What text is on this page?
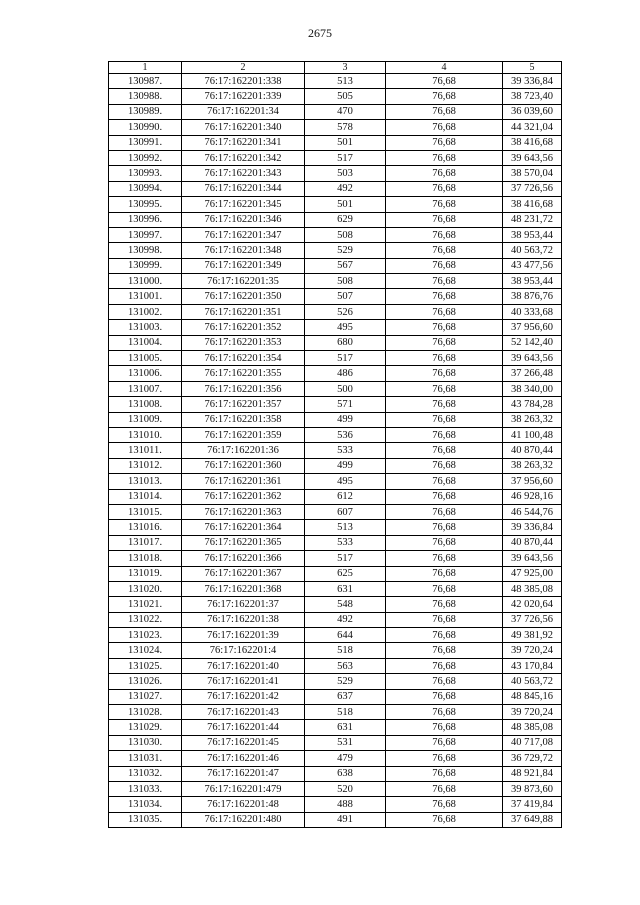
2675
1	2	3	4	5
130987.	76:17:162201:338	513	76,68	39 336,84
130988.	76:17:162201:339	505	76,68	38 723,40
130989.	76:17:162201:34	470	76,68	36 039,60
130990.	76:17:162201:340	578	76,68	44 321,04
130991.	76:17:162201:341	501	76,68	38 416,68
130992.	76:17:162201:342	517	76,68	39 643,56
130993.	76:17:162201:343	503	76,68	38 570,04
130994.	76:17:162201:344	492	76,68	37 726,56
130995.	76:17:162201:345	501	76,68	38 416,68
130996.	76:17:162201:346	629	76,68	48 231,72
130997.	76:17:162201:347	508	76,68	38 953,44
130998.	76:17:162201:348	529	76,68	40 563,72
130999.	76:17:162201:349	567	76,68	43 477,56
131000.	76:17:162201:35	508	76,68	38 953,44
131001.	76:17:162201:350	507	76,68	38 876,76
131002.	76:17:162201:351	526	76,68	40 333,68
131003.	76:17:162201:352	495	76,68	37 956,60
131004.	76:17:162201:353	680	76,68	52 142,40
131005.	76:17:162201:354	517	76,68	39 643,56
131006.	76:17:162201:355	486	76,68	37 266,48
131007.	76:17:162201:356	500	76,68	38 340,00
131008.	76:17:162201:357	571	76,68	43 784,28
131009.	76:17:162201:358	499	76,68	38 263,32
131010.	76:17:162201:359	536	76,68	41 100,48
131011.	76:17:162201:36	533	76,68	40 870,44
131012.	76:17:162201:360	499	76,68	38 263,32
131013.	76:17:162201:361	495	76,68	37 956,60
131014.	76:17:162201:362	612	76,68	46 928,16
131015.	76:17:162201:363	607	76,68	46 544,76
131016.	76:17:162201:364	513	76,68	39 336,84
131017.	76:17:162201:365	533	76,68	40 870,44
131018.	76:17:162201:366	517	76,68	39 643,56
131019.	76:17:162201:367	625	76,68	47 925,00
131020.	76:17:162201:368	631	76,68	48 385,08
131021.	76:17:162201:37	548	76,68	42 020,64
131022.	76:17:162201:38	492	76,68	37 726,56
131023.	76:17:162201:39	644	76,68	49 381,92
131024.	76:17:162201:4	518	76,68	39 720,24
131025.	76:17:162201:40	563	76,68	43 170,84
131026.	76:17:162201:41	529	76,68	40 563,72
131027.	76:17:162201:42	637	76,68	48 845,16
131028.	76:17:162201:43	518	76,68	39 720,24
131029.	76:17:162201:44	631	76,68	48 385,08
131030.	76:17:162201:45	531	76,68	40 717,08
131031.	76:17:162201:46	479	76,68	36 729,72
131032.	76:17:162201:47	638	76,68	48 921,84
131033.	76:17:162201:479	520	76,68	39 873,60
131034.	76:17:162201:48	488	76,68	37 419,84
131035.	76:17:162201:480	491	76,68	37 649,88
